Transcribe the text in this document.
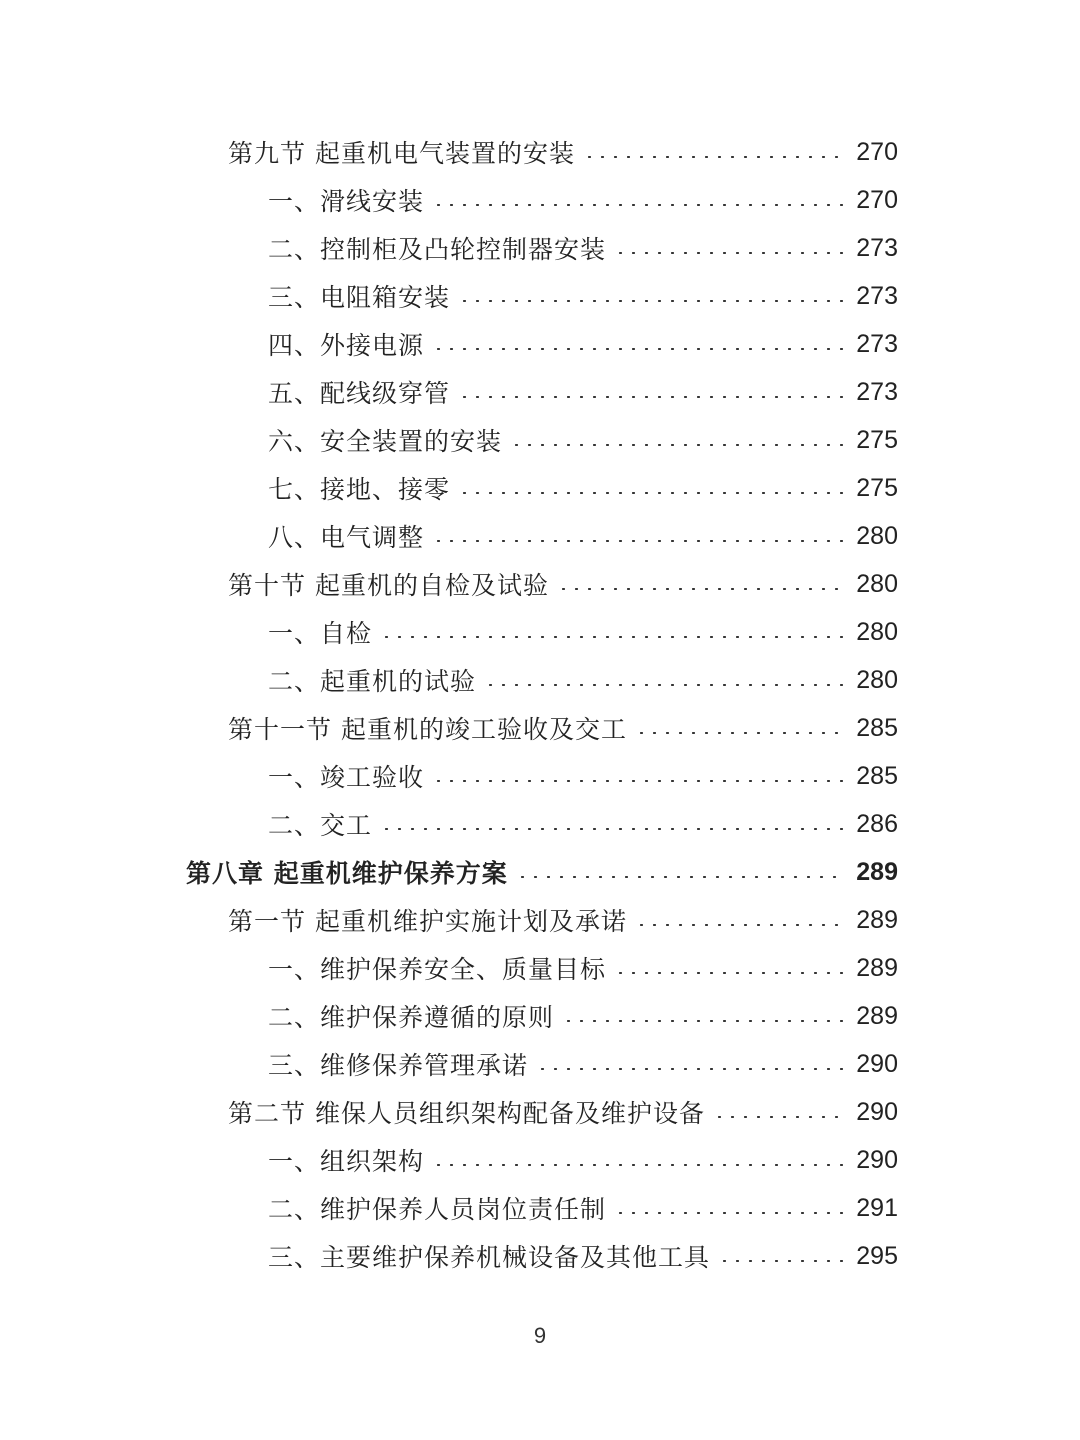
第九节 起重机电气装置的安装	270
一、滑线安装	270
二、控制柜及凸轮控制器安装	273
三、电阻箱安装	273
四、外接电源	273
五、配线级穿管	273
六、安全装置的安装	275
七、接地、接零	275
八、电气调整	280
第十节 起重机的自检及试验	280
一、自检	280
二、起重机的试验	280
第十一节 起重机的竣工验收及交工	285
一、竣工验收	285
二、交工	286
第八章 起重机维护保养方案	289
第一节 起重机维护实施计划及承诺	289
一、维护保养安全、质量目标	289
二、维护保养遵循的原则	289
三、维修保养管理承诺	290
第二节 维保人员组织架构配备及维护设备	290
一、组织架构	290
二、维护保养人员岗位责任制	291
三、主要维护保养机械设备及其他工具	295
9
